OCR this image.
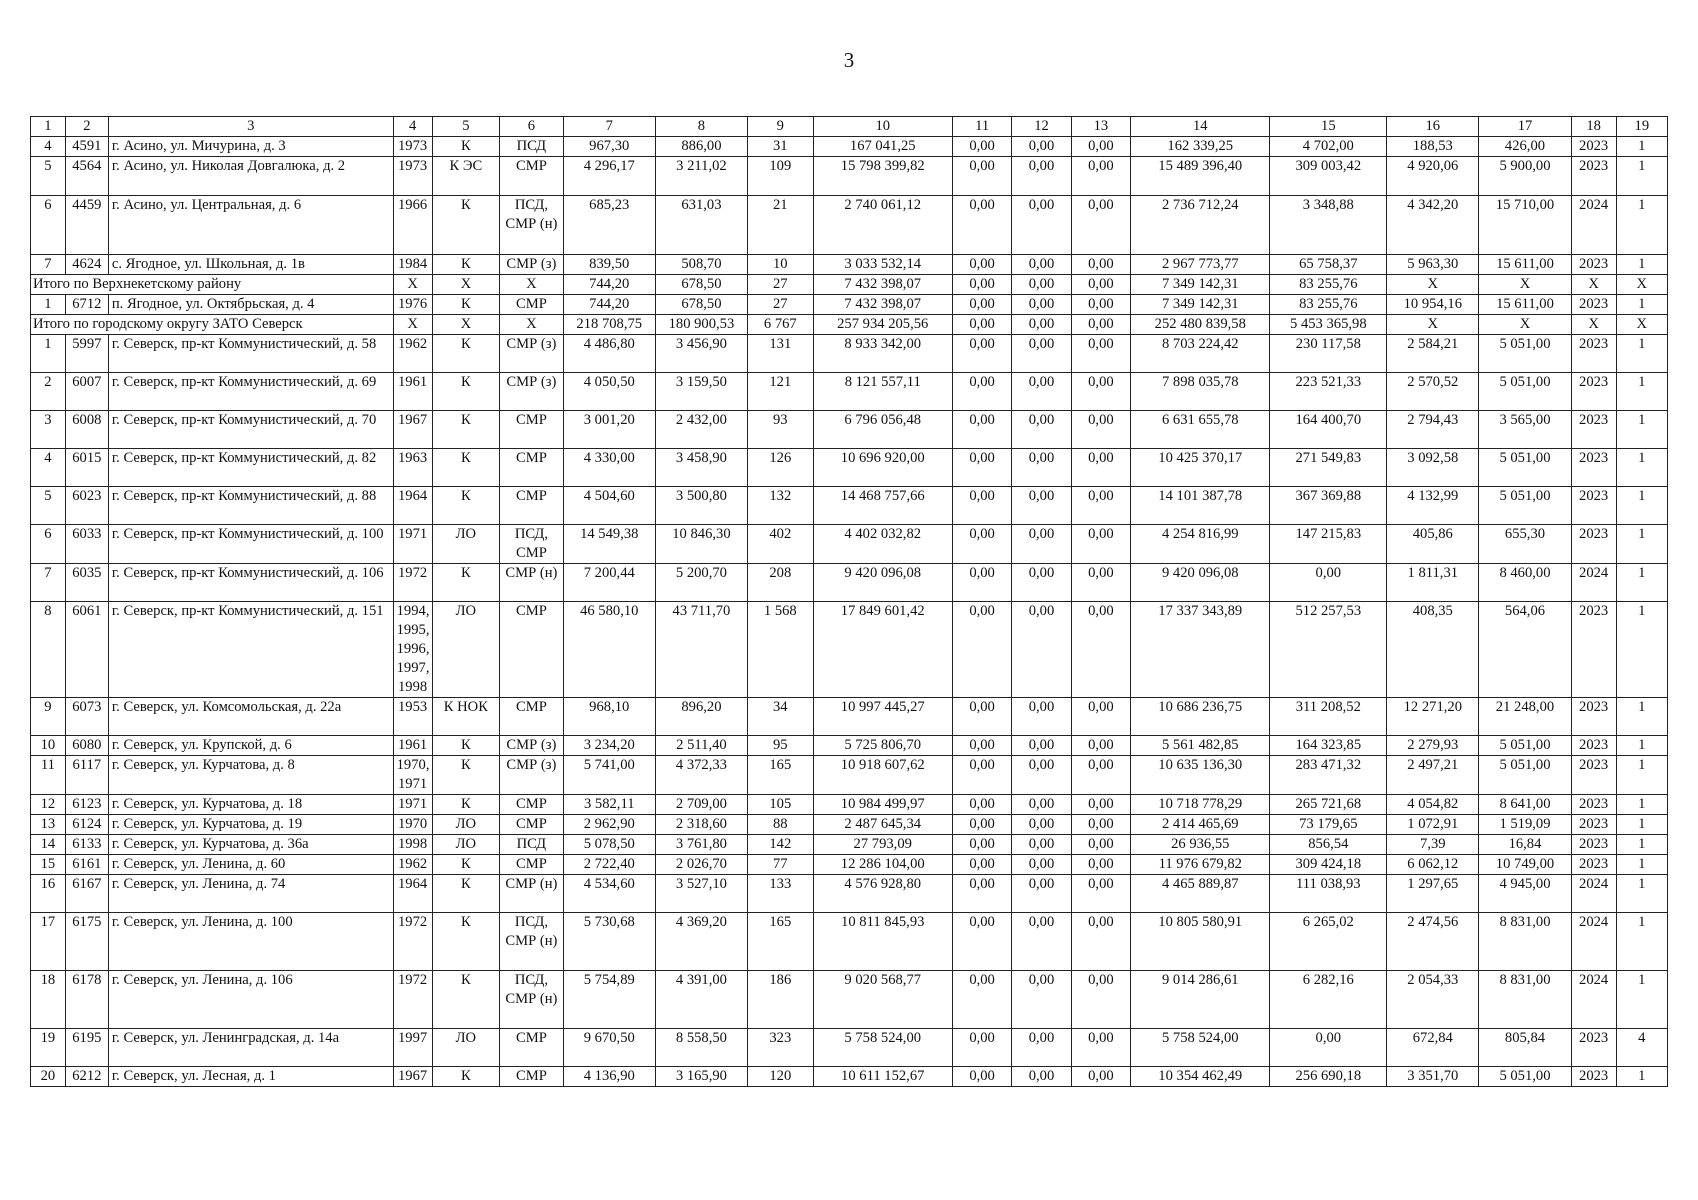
3
1	2	3	4	5	6	7	8	9	10	11	12	13	14	15	16	17	18	19
4	4591	г. Асино, ул. Мичурина, д. 3	1973	К	ПСД	967,30	886,00	31	167 041,25	0,00	0,00	0,00	162 339,25	4 702,00	188,53	426,00	2023	1
5	4564	г. Асино, ул. Николая Довгалюка, д. 2	1973	К ЭС	СМР	4 296,17	3 211,02	109	15 798 399,82	0,00	0,00	0,00	15 489 396,40	309 003,42	4 920,06	5 900,00	2023	1
6	4459	г. Асино, ул. Центральная, д. 6	1966	К	ПСД, СМР (н)	685,23	631,03	21	2 740 061,12	0,00	0,00	0,00	2 736 712,24	3 348,88	4 342,20	15 710,00	2024	1
7	4624	с. Ягодное, ул. Школьная, д. 1в	1984	К	СМР (з)	839,50	508,70	10	3 033 532,14	0,00	0,00	0,00	2 967 773,77	65 758,37	5 963,30	15 611,00	2023	1
Итого по Верхнекетскому району			Х	Х	Х	744,20	678,50	27	7 432 398,07	0,00	0,00	0,00	7 349 142,31	83 255,76	Х	Х	Х	Х
1	6712	п. Ягодное, ул. Октябрьская, д. 4	1976	К	СМР	744,20	678,50	27	7 432 398,07	0,00	0,00	0,00	7 349 142,31	83 255,76	10 954,16	15 611,00	2023	1
Итого по городскому округу ЗАТО Северск			Х	Х	Х	218 708,75	180 900,53	6 767	257 934 205,56	0,00	0,00	0,00	252 480 839,58	5 453 365,98	Х	Х	Х	Х
1	5997	г. Северск, пр-кт Коммунистический, д. 58	1962	К	СМР (з)	4 486,80	3 456,90	131	8 933 342,00	0,00	0,00	0,00	8 703 224,42	230 117,58	2 584,21	5 051,00	2023	1
2	6007	г. Северск, пр-кт Коммунистический, д. 69	1961	К	СМР (з)	4 050,50	3 159,50	121	8 121 557,11	0,00	0,00	0,00	7 898 035,78	223 521,33	2 570,52	5 051,00	2023	1
3	6008	г. Северск, пр-кт Коммунистический, д. 70	1967	К	СМР	3 001,20	2 432,00	93	6 796 056,48	0,00	0,00	0,00	6 631 655,78	164 400,70	2 794,43	3 565,00	2023	1
4	6015	г. Северск, пр-кт Коммунистический, д. 82	1963	К	СМР	4 330,00	3 458,90	126	10 696 920,00	0,00	0,00	0,00	10 425 370,17	271 549,83	3 092,58	5 051,00	2023	1
5	6023	г. Северск, пр-кт Коммунистический, д. 88	1964	К	СМР	4 504,60	3 500,80	132	14 468 757,66	0,00	0,00	0,00	14 101 387,78	367 369,88	4 132,99	5 051,00	2023	1
6	6033	г. Северск, пр-кт Коммунистический, д. 100	1971	ЛО	ПСД, СМР	14 549,38	10 846,30	402	4 402 032,82	0,00	0,00	0,00	4 254 816,99	147 215,83	405,86	655,30	2023	1
7	6035	г. Северск, пр-кт Коммунистический, д. 106	1972	К	СМР (н)	7 200,44	5 200,70	208	9 420 096,08	0,00	0,00	0,00	9 420 096,08	0,00	1 811,31	8 460,00	2024	1
8	6061	г. Северск, пр-кт Коммунистический, д. 151	1994, 1995, 1996, 1997, 1998	ЛО	СМР	46 580,10	43 711,70	1 568	17 849 601,42	0,00	0,00	0,00	17 337 343,89	512 257,53	408,35	564,06	2023	1
9	6073	г. Северск, ул. Комсомольская, д. 22а	1953	К НОК	СМР	968,10	896,20	34	10 997 445,27	0,00	0,00	0,00	10 686 236,75	311 208,52	12 271,20	21 248,00	2023	1
10	6080	г. Северск, ул. Крупской, д. 6	1961	К	СМР (з)	3 234,20	2 511,40	95	5 725 806,70	0,00	0,00	0,00	5 561 482,85	164 323,85	2 279,93	5 051,00	2023	1
11	6117	г. Северск, ул. Курчатова, д. 8	1970, 1971	К	СМР (з)	5 741,00	4 372,33	165	10 918 607,62	0,00	0,00	0,00	10 635 136,30	283 471,32	2 497,21	5 051,00	2023	1
12	6123	г. Северск, ул. Курчатова, д. 18	1971	К	СМР	3 582,11	2 709,00	105	10 984 499,97	0,00	0,00	0,00	10 718 778,29	265 721,68	4 054,82	8 641,00	2023	1
13	6124	г. Северск, ул. Курчатова, д. 19	1970	ЛО	СМР	2 962,90	2 318,60	88	2 487 645,34	0,00	0,00	0,00	2 414 465,69	73 179,65	1 072,91	1 519,09	2023	1
14	6133	г. Северск, ул. Курчатова, д. 36а	1998	ЛО	ПСД	5 078,50	3 761,80	142	27 793,09	0,00	0,00	0,00	26 936,55	856,54	7,39	16,84	2023	1
15	6161	г. Северск, ул. Ленина, д. 60	1962	К	СМР	2 722,40	2 026,70	77	12 286 104,00	0,00	0,00	0,00	11 976 679,82	309 424,18	6 062,12	10 749,00	2023	1
16	6167	г. Северск, ул. Ленина, д. 74	1964	К	СМР (н)	4 534,60	3 527,10	133	4 576 928,80	0,00	0,00	0,00	4 465 889,87	111 038,93	1 297,65	4 945,00	2024	1
17	6175	г. Северск, ул. Ленина, д. 100	1972	К	ПСД, СМР (н)	5 730,68	4 369,20	165	10 811 845,93	0,00	0,00	0,00	10 805 580,91	6 265,02	2 474,56	8 831,00	2024	1
18	6178	г. Северск, ул. Ленина, д. 106	1972	К	ПСД, СМР (н)	5 754,89	4 391,00	186	9 020 568,77	0,00	0,00	0,00	9 014 286,61	6 282,16	2 054,33	8 831,00	2024	1
19	6195	г. Северск, ул. Ленинградская, д. 14а	1997	ЛО	СМР	9 670,50	8 558,50	323	5 758 524,00	0,00	0,00	0,00	5 758 524,00	0,00	672,84	805,84	2023	4
20	6212	г. Северск, ул. Лесная, д. 1	1967	К	СМР	4 136,90	3 165,90	120	10 611 152,67	0,00	0,00	0,00	10 354 462,49	256 690,18	3 351,70	5 051,00	2023	1
